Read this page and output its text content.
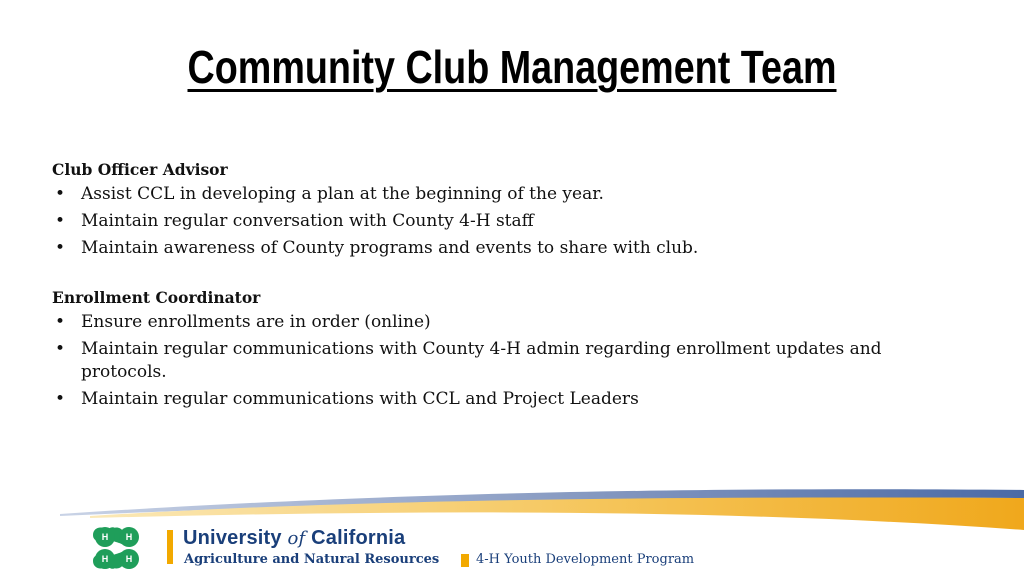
Community Club Management Team
Club Officer Advisor
• Assist CCL in developing a plan at the beginning of the year.
• Maintain regular conversation with County 4-H staff
• Maintain awareness of County programs and events to share with club.
Enrollment Coordinator
• Ensure enrollments are in order (online)
• Maintain regular communications with County 4-H admin regarding enrollment updates and protocols.
• Maintain regular communications with CCL and Project Leaders
H H
H H
University of California
Agriculture and Natural Resources	4-H Youth Development Program
